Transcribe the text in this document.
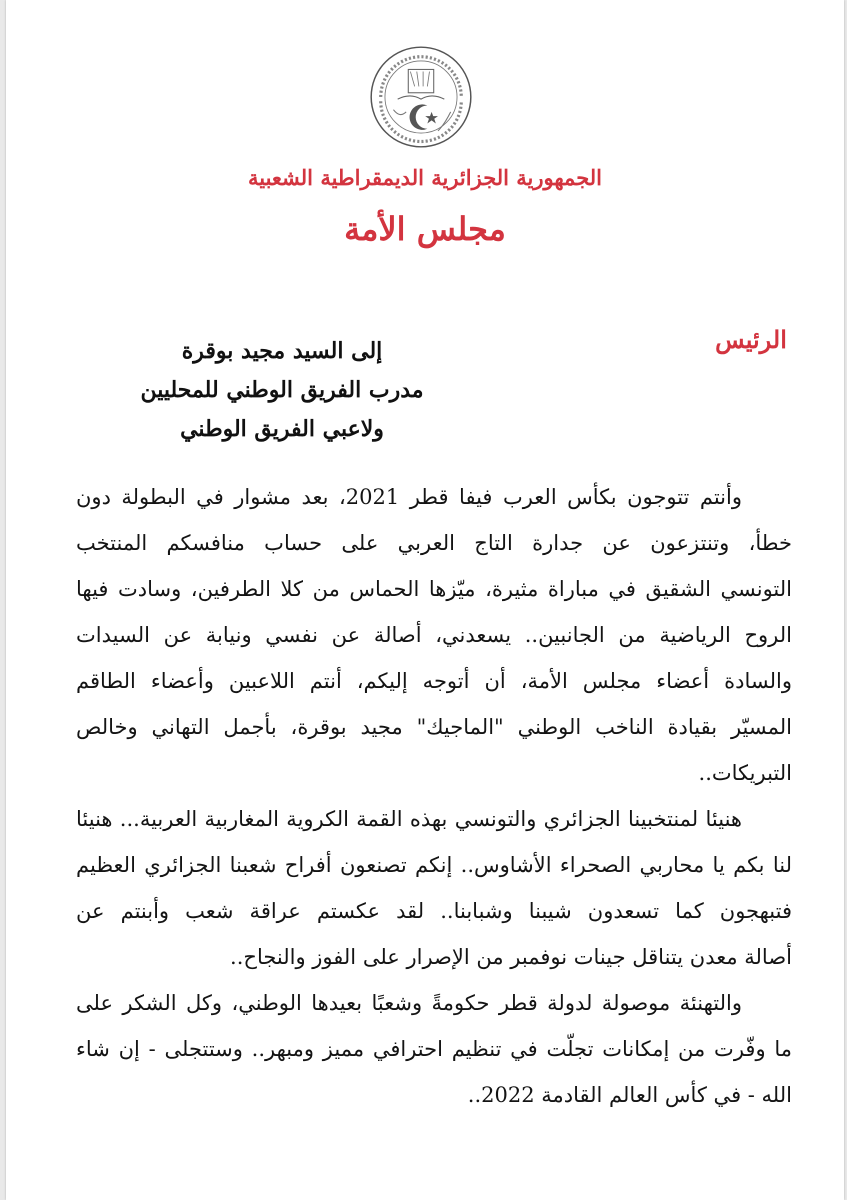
الجمهورية الجزائرية الديمقراطية الشعبية
مجلس الأمة
الرئيس
إلى السيد مجيد بوقرة
مدرب الفريق الوطني للمحليين
ولاعبي الفريق الوطني
وأنتم تتوجون بكأس العرب فيفا قطر 2021، بعد مشوار في البطولة دون
خطأ، وتنتزعون عن جدارة التاج العربي على حساب منافسكم المنتخب
التونسي الشقيق في مباراة مثيرة، ميّزها الحماس من كلا الطرفين، وسادت فيها
الروح الرياضية من الجانبين.. يسعدني، أصالة عن نفسي ونيابة عن السيدات
والسادة أعضاء مجلس الأمة، أن أتوجه إليكم، أنتم اللاعبين وأعضاء الطاقم
المسيّر بقيادة الناخب الوطني "الماجيك" مجيد بوقرة، بأجمل التهاني وخالص
التبريكات..
هنيئا لمنتخبينا الجزائري والتونسي بهذه القمة الكروية المغاربية العربية... هنيئا
لنا بكم يا محاربي الصحراء الأشاوس.. إنكم تصنعون أفراح شعبنا الجزائري العظيم
فتبهجون كما تسعدون شيبنا وشبابنا.. لقد عكستم عراقة شعب وأبنتم عن
أصالة معدن يتناقل جينات نوفمبر من الإصرار على الفوز والنجاح..
والتهنئة موصولة لدولة قطر حكومةً وشعبًا بعيدها الوطني، وكل الشكر على
ما وفّرت من إمكانات تجلّت في تنظيم احترافي مميز ومبهر.. وستتجلى - إن شاء
الله - في كأس العالم القادمة 2022..
